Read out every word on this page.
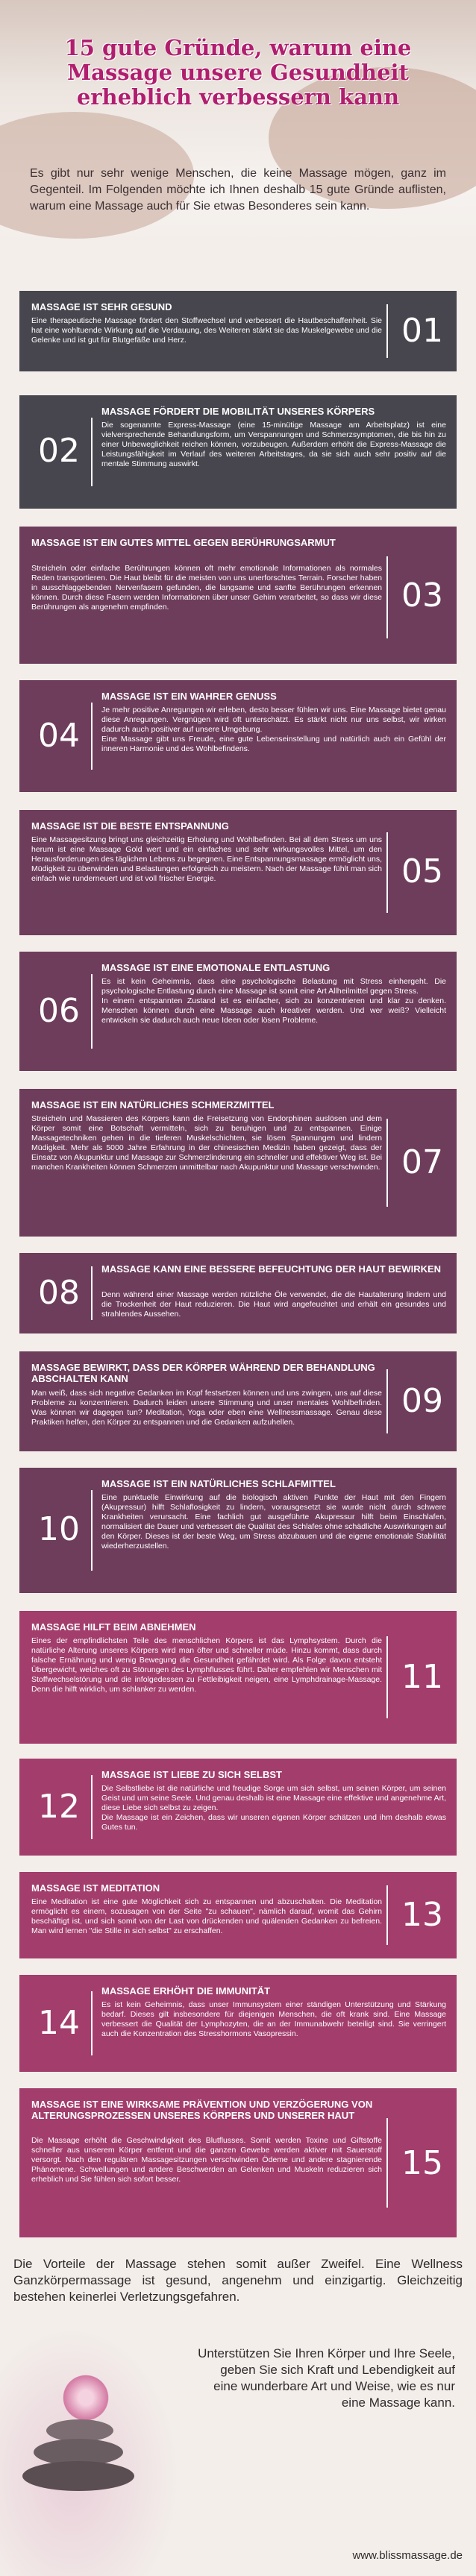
15 gute Gründe, warum eine Massage unsere Gesundheit erheblich verbessern kann
Es gibt nur sehr wenige Menschen, die keine Massage mögen, ganz im Gegenteil. Im Folgenden möchte ich Ihnen deshalb 15 gute Gründe auflisten, warum eine Massage auch für Sie etwas Besonderes sein kann.
MASSAGE IST SEHR GESUND
Eine therapeutische Massage fördert den Stoffwechsel und verbessert die Hautbeschaffenheit. Sie hat eine wohltuende Wirkung auf die Verdauung, des Weiteren stärkt sie das Muskelgewebe und die Gelenke und ist gut für Blutgefäße und Herz.	01
02
MASSAGE FÖRDERT DIE MOBILITÄT UNSERES KÖRPERS
Die sogenannte Express-Massage (eine 15-minütige Massage am Arbeitsplatz) ist eine vielversprechende Behandlungsform, um Verspannungen und Schmerzsymptomen, die bis hin zu einer Unbeweglichkeit reichen können, vorzubeugen. Außerdem erhöht die Express-Massage die Leistungsfähigkeit im Verlauf des weiteren Arbeitstages, da sie sich auch sehr positiv auf die mentale Stimmung auswirkt.
MASSAGE IST EIN GUTES MITTEL GEGEN BERÜHRUNGSARMUT
Streicheln oder einfache Berührungen können oft mehr emotionale Informationen als normales Reden transportieren. Die Haut bleibt für die meisten von uns unerforschtes Terrain. Forscher haben in ausschlaggebenden Nervenfasern gefunden, die langsame und sanfte Berührungen erkennen können. Durch diese Fasern werden Informationen über unser Gehirn verarbeitet, so dass wir diese Berührungen als angenehm empfinden.	03
04
MASSAGE IST EIN WAHRER GENUSS
Je mehr positive Anregungen wir erleben, desto besser fühlen wir uns. Eine Massage bietet genau diese Anregungen. Vergnügen wird oft unterschätzt. Es stärkt nicht nur uns selbst, wir wirken dadurch auch positiver auf unsere Umgebung.
Eine Massage gibt uns Freude, eine gute Lebenseinstellung und natürlich auch ein Gefühl der inneren Harmonie und des Wohlbefindens.
MASSAGE IST DIE BESTE ENTSPANNUNG
Eine Massagesitzung bringt uns gleichzeitig Erholung und Wohlbefinden. Bei all dem Stress um uns herum ist eine Massage Gold wert und ein einfaches und sehr wirkungsvolles Mittel, um den Herausforderungen des täglichen Lebens zu begegnen. Eine Entspannungsmassage ermöglicht uns, Müdigkeit zu überwinden und Belastungen erfolgreich zu meistern. Nach der Massage fühlt man sich einfach wie runderneuert und ist voll frischer Energie.	05
06
MASSAGE IST EINE EMOTIONALE ENTLASTUNG
Es ist kein Geheimnis, dass eine psychologische Belastung mit Stress einhergeht. Die psychologische Entlastung durch eine Massage ist somit eine Art Allheilmittel gegen Stress.
In einem entspannten Zustand ist es einfacher, sich zu konzentrieren und klar zu denken. Menschen können durch eine Massage auch kreativer werden. Und wer weiß? Vielleicht entwickeln sie dadurch auch neue Ideen oder lösen Probleme.
MASSAGE IST EIN NATÜRLICHES SCHMERZMITTEL
Streicheln und Massieren des Körpers kann die Freisetzung von Endorphinen auslösen und dem Körper somit eine Botschaft vermitteln, sich zu beruhigen und zu entspannen. Einige Massagetechniken gehen in die tieferen Muskelschichten, sie lösen Spannungen und lindern Müdigkeit. Mehr als 5000 Jahre Erfahrung in der chinesischen Medizin haben gezeigt, dass der Einsatz von Akupunktur und Massage zur Schmerzlinderung ein schneller und effektiver Weg ist. Bei manchen Krankheiten können Schmerzen unmittelbar nach Akupunktur und Massage verschwinden. 07
08
MASSAGE KANN EINE BESSERE BEFEUCHTUNG DER HAUT BEWIRKEN
Denn während einer Massage werden nützliche Öle verwendet, die die Hautalterung lindern und die Trockenheit der Haut reduzieren. Die Haut wird angefeuchtet und erhält ein gesundes und strahlendes Aussehen.
MASSAGE BEWIRKT, DASS DER KÖRPER WÄHREND DER BEHANDLUNG ABSCHALTEN KANN
Man weiß, dass sich negative Gedanken im Kopf festsetzen können und uns zwingen, uns auf diese Probleme zu konzentrieren. Dadurch leiden unsere Stimmung und unser mentales Wohlbefinden. Was können wir dagegen tun? Meditation, Yoga oder eben eine Wellnessmassage. Genau diese Praktiken helfen, den Körper zu entspannen und die Gedanken aufzuhellen.
09
10
MASSAGE IST EIN NATÜRLICHES SCHLAFMITTEL
Eine punktuelle Einwirkung auf die biologisch aktiven Punkte der Haut mit den Fingern (Akupressur) hilft Schlaflosigkeit zu lindern, vorausgesetzt sie wurde nicht durch schwere Krankheiten verursacht. Eine fachlich gut ausgeführte Akupressur hilft beim Einschlafen, normalisiert die Dauer und verbessert die Qualität des Schlafes ohne schädliche Auswirkungen auf den Körper. Dieses ist der beste Weg, um Stress abzubauen und die eigene emotionale Stabilität wiederherzustellen.
MASSAGE HILFT BEIM ABNEHMEN
Eines der empfindlichsten Teile des menschlichen Körpers ist das Lymphsystem. Durch die natürliche Alterung unseres Körpers wird man öfter und schneller müde. Hinzu kommt, dass durch falsche Ernährung und wenig Bewegung die Gesundheit gefährdet wird. Als Folge davon entsteht Übergewicht, welches oft zu Störungen des Lymphflusses führt. Daher empfehlen wir Menschen mit Stoffwechselstörung und die infolgedessen zu Fettleibigkeit neigen, eine Lymphdrainage-Massage. Denn die hilft wirklich, um schlanker zu werden.	11
12
MASSAGE IST LIEBE ZU SICH SELBST
Die Selbstliebe ist die natürliche und freudige Sorge um sich selbst, um seinen Körper, um seinen Geist und um seine Seele. Und genau deshalb ist eine Massage eine effektive und angenehme Art, diese Liebe sich selbst zu zeigen.
Die Massage ist ein Zeichen, dass wir unseren eigenen Körper schätzen und ihm deshalb etwas Gutes tun.
MASSAGE IST MEDITATION
Eine Meditation ist eine gute Möglichkeit sich zu entspannen und abzuschalten. Die Meditation ermöglicht es einem, sozusagen von der Seite "zu schauen", nämlich darauf, womit das Gehirn beschäftigt ist, und sich somit von der Last von drückenden und quälenden Gedanken zu befreien. Man wird lernen "die Stille in sich selbst" zu erschaffen.	13
14
MASSAGE ERHÖHT DIE IMMUNITÄT
Es ist kein Geheimnis, dass unser Immunsystem einer ständigen Unterstützung und Stärkung bedarf. Dieses gilt insbesondere für diejenigen Menschen, die oft krank sind. Eine Massage verbessert die Qualität der Lymphozyten, die an der Immunabwehr beteiligt sind. Sie verringert auch die Konzentration des Stresshormons Vasopressin.
MASSAGE IST EINE WIRKSAME PRÄVENTION UND VERZÖGERUNG VON ALTERUNGSPROZESSEN UNSERES KÖRPERS UND UNSERER HAUT
Die Massage erhöht die Geschwindigkeit des Blutflusses. Somit werden Toxine und Giftstoffe schneller aus unserem Körper entfernt und die ganzen Gewebe werden aktiver mit Sauerstoff versorgt. Nach den regulären Massagesitzungen verschwinden Ödeme und andere stagnierende Phänomene. Schwellungen und andere Beschwerden an Gelenken und Muskeln reduzieren sich erheblich und Sie fühlen sich sofort besser.	15
Die Vorteile der Massage stehen somit außer Zweifel. Eine Wellness Ganzkörpermassage ist gesund, angenehm und einzigartig. Gleichzeitig bestehen keinerlei Verletzungsgefahren.
Unterstützen Sie Ihren Körper und Ihre Seele, geben Sie sich Kraft und Lebendigkeit auf eine wunderbare Art und Weise, wie es nur eine Massage kann.
www.blissmassage.de
